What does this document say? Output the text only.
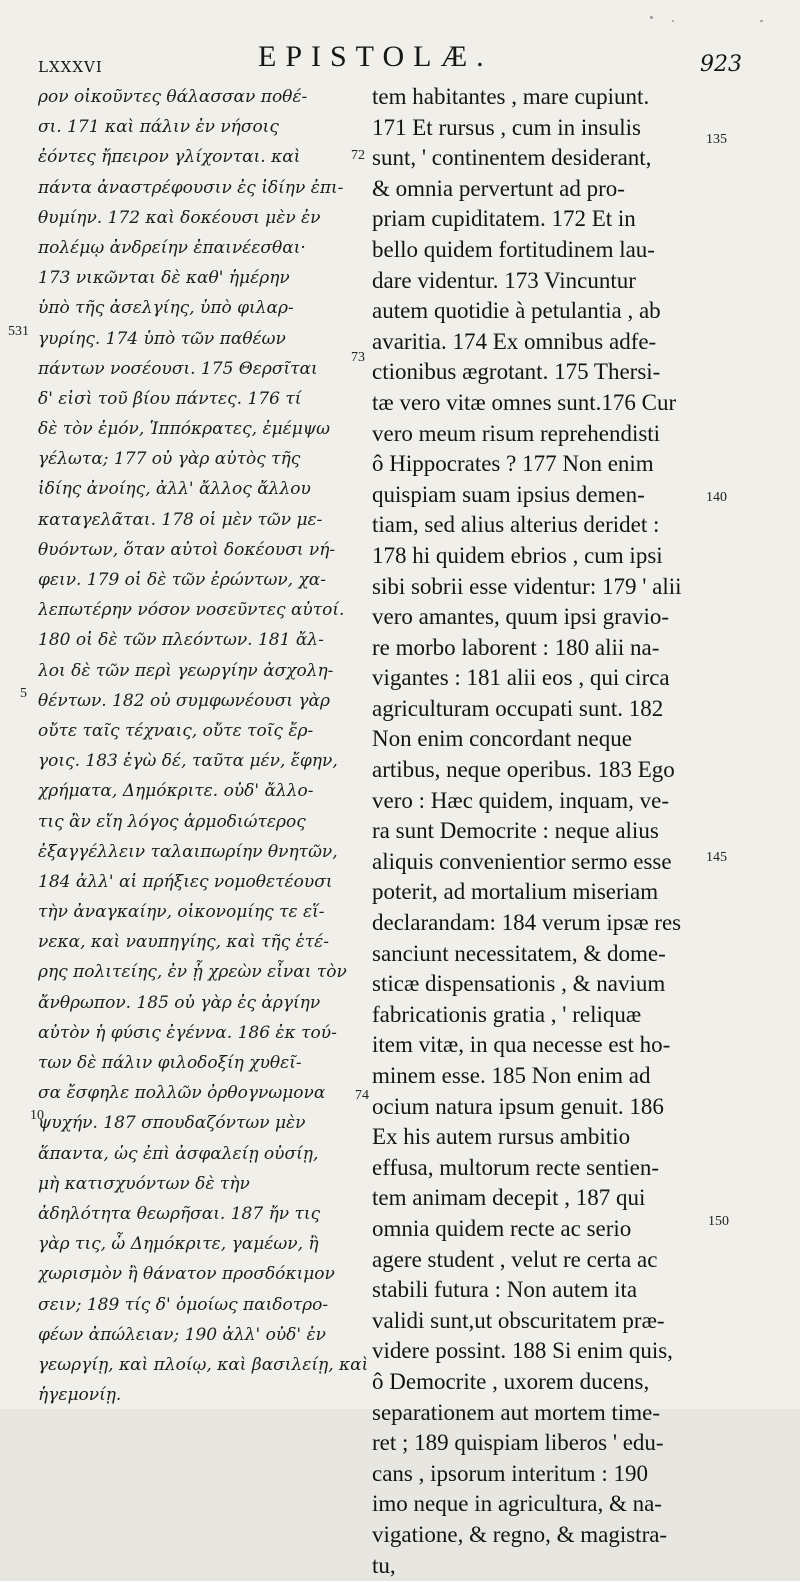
LXXXVI	EPISTOLÆ.	923
ρον οἰκοῦντες θάλασσαν ποθέ-
σι. 171 καὶ πάλιν ἐν νήσοις
ἐόντες ἤπειρον γλίχονται. καὶ
πάντα ἀναστρέφουσιν ἐς ἰδίην ἐπι-
θυμίην. 172 καὶ δοκέουσι μὲν ἐν
πολέμῳ ἀνδρείην ἐπαινέεσθαι·
173 νικῶνται δὲ καθ' ἡμέρην
ὑπὸ τῆς ἀσελγίης, ὑπὸ φιλαρ-
γυρίης. 174 ὑπὸ τῶν παθέων
πάντων νοσέουσι. 175 Θερσῖται
δ' εἰσὶ τοῦ βίου πάντες. 176 τί
δὲ τὸν ἐμόν, Ἱππόκρατες, ἐμέμψω
γέλωτα; 177 οὐ γὰρ αὐτὸς τῆς
ἰδίης ἀνοίης, ἀλλ' ἄλλος ἄλλου
καταγελᾶται. 178 οἱ μὲν τῶν με-
θυόντων, ὅταν αὐτοὶ δοκέουσι νή-
φειν. 179 οἱ δὲ τῶν ἐρώντων, χα-
λεπωτέρην νόσον νοσεῦντες αὐτοί.
180 οἱ δὲ τῶν πλεόντων. 181 ἄλ-
λοι δὲ τῶν περὶ γεωργίην ἀσχολη-
θέντων. 182 οὐ συμφωνέουσι γὰρ
οὔτε ταῖς τέχναις, οὔτε τοῖς ἔρ-
γοις. 183 ἐγὼ δέ, ταῦτα μέν, ἔφην,
χρήματα, Δημόκριτε. οὐδ' ἄλλο-
τις ἂν εἴη λόγος ἁρμοδιώτερος
ἐξαγγέλλειν ταλαιπωρίην θνητῶν,
184 ἀλλ' αἱ πρήξιες νομοθετέουσι
τὴν ἀναγκαίην, οἰκονομίης τε εἵ-
νεκα, καὶ ναυπηγίης, καὶ τῆς ἑτέ-
ρης πολιτείης, ἐν ᾗ χρεὼν εἶναι τὸν
ἄνθρωπον. 185 οὐ γὰρ ἐς ἀργίην
αὐτὸν ἡ φύσις ἐγέννα. 186 ἐκ τού-
των δὲ πάλιν φιλοδοξίη χυθεῖ-
σα ἔσφηλε πολλῶν ὀρθογνωμονα
ψυχήν. 187 σπουδαζόντων μὲν
ἅπαντα, ὡς ἐπὶ ἀσφαλείῃ οὐσίῃ,
μὴ κατισχυόντων δὲ τὴν
ἀδηλότητα θεωρῆσαι. 187 ἤν τις
γὰρ τις, ὦ Δημόκριτε, γαμέων, ἢ
χωρισμὸν ἢ θάνατον προσδόκιμον
σειν; 189 τίς δ' ὁμοίως παιδοτρο-
φέων ἀπώλειαν; 190 ἀλλ' οὐδ' ἐν
γεωργίῃ, καὶ πλοίῳ, καὶ βασιλείῃ, καὶ
ἡγεμονίῃ.
tem habitantes , mare cupiunt.
171 Et rursus , cum in insulis
sunt, ' continentem desiderant,
& omnia pervertunt ad pro-
priam cupiditatem. 172 Et in
bello quidem fortitudinem lau-
dare videntur. 173 Vincuntur
autem quotidie à petulantia , ab
avaritia. 174 Ex omnibus adfe-
ctionibus ægrotant. 175 Thersi-
tæ vero vitæ omnes sunt.176 Cur
vero meum risum reprehendisti
ô Hippocrates ? 177 Non enim
quispiam suam ipsius demen-
tiam, sed alius alterius deridet :
178 hi quidem ebrios , cum ipsi
sibi sobrii esse videntur: 179 ' alii
vero amantes, quum ipsi gravio-
re morbo laborent : 180 alii na-
vigantes : 181 alii eos , qui circa
agriculturam occupati sunt. 182
Non enim concordant neque
artibus, neque operibus. 183 Ego
vero : Hæc quidem, inquam, ve-
ra sunt Democrite : neque alius
aliquis convenientior sermo esse
poterit, ad mortalium miseriam
declarandam: 184 verum ipsæ res
sanciunt necessitatem, & dome-
sticæ dispensationis , & navium
fabricationis gratia , ' reliquæ
item vitæ, in qua necesse est ho-
minem esse. 185 Non enim ad
ocium natura ipsum genuit. 186
Ex his autem rursus ambitio
effusa, multorum recte sentien-
tem animam decepit , 187 qui
omnia quidem recte ac serio
agere student , velut re certa ac
stabili futura : Non autem ita
validi sunt,ut obscuritatem præ-
videre possint. 188 Si enim quis,
ô Democrite , uxorem ducens,
separationem aut mortem time-
ret ; 189 quispiam liberos ' edu-
cans , ipsorum interitum : 190
imo neque in agricultura, & na-
vigatione, & regno, & magistra-
tu,
72
135
531
73
140
5
145
74
10
150
